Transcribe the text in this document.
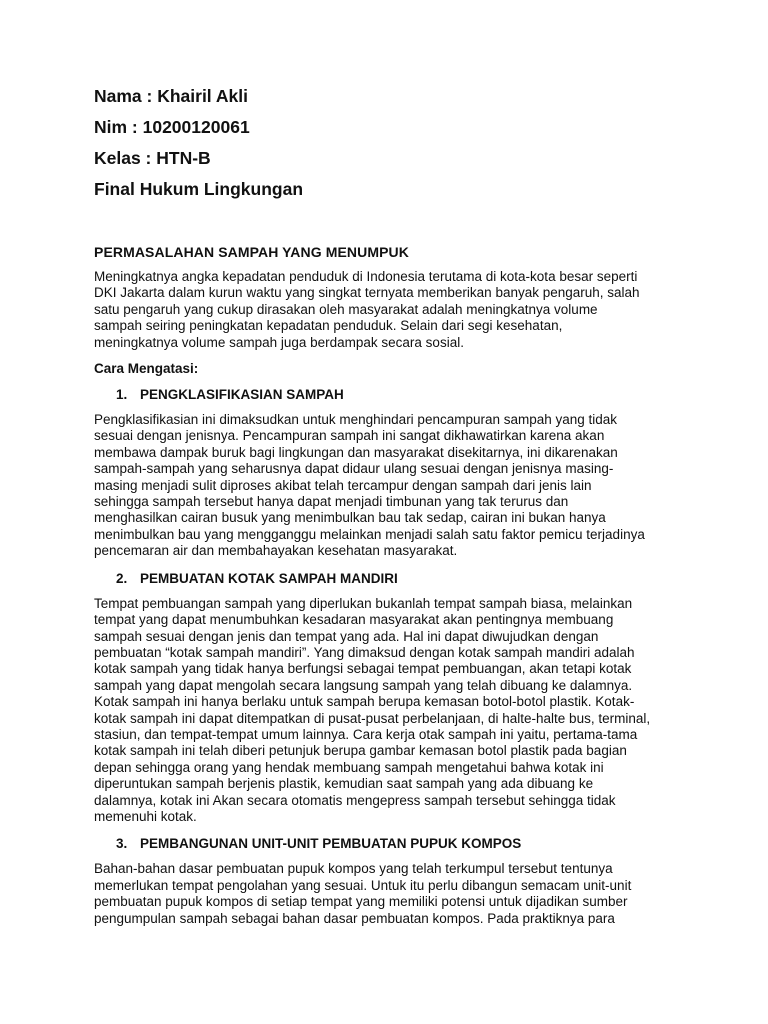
Nama : Khairil Akli
Nim : 10200120061
Kelas : HTN-B
Final Hukum Lingkungan
PERMASALAHAN SAMPAH YANG MENUMPUK
Meningkatnya angka kepadatan penduduk di Indonesia terutama di kota-kota besar seperti
DKI Jakarta dalam kurun waktu yang singkat ternyata memberikan banyak pengaruh, salah
satu pengaruh yang cukup dirasakan oleh masyarakat adalah meningkatnya volume
sampah seiring peningkatan kepadatan penduduk. Selain dari segi kesehatan,
meningkatnya volume sampah juga berdampak secara sosial.
Cara Mengatasi:
1. PENGKLASIFIKASIAN SAMPAH
Pengklasifikasian ini dimaksudkan untuk menghindari pencampuran sampah yang tidak
sesuai dengan jenisnya. Pencampuran sampah ini sangat dikhawatirkan karena akan
membawa dampak buruk bagi lingkungan dan masyarakat disekitarnya, ini dikarenakan
sampah-sampah yang seharusnya dapat didaur ulang sesuai dengan jenisnya masing-
masing menjadi sulit diproses akibat telah tercampur dengan sampah dari jenis lain
sehingga sampah tersebut hanya dapat menjadi timbunan yang tak terurus dan
menghasilkan cairan busuk yang menimbulkan bau tak sedap, cairan ini bukan hanya
menimbulkan bau yang mengganggu melainkan menjadi salah satu faktor pemicu terjadinya
pencemaran air dan membahayakan kesehatan masyarakat.
2. PEMBUATAN KOTAK SAMPAH MANDIRI
Tempat pembuangan sampah yang diperlukan bukanlah tempat sampah biasa, melainkan
tempat yang dapat menumbuhkan kesadaran masyarakat akan pentingnya membuang
sampah sesuai dengan jenis dan tempat yang ada. Hal ini dapat diwujudkan dengan
pembuatan “kotak sampah mandiri”. Yang dimaksud dengan kotak sampah mandiri adalah
kotak sampah yang tidak hanya berfungsi sebagai tempat pembuangan, akan tetapi kotak
sampah yang dapat mengolah secara langsung sampah yang telah dibuang ke dalamnya.
Kotak sampah ini hanya berlaku untuk sampah berupa kemasan botol-botol plastik. Kotak-
kotak sampah ini dapat ditempatkan di pusat-pusat perbelanjaan, di halte-halte bus, terminal,
stasiun, dan tempat-tempat umum lainnya. Cara kerja otak sampah ini yaitu, pertama-tama
kotak sampah ini telah diberi petunjuk berupa gambar kemasan botol plastik pada bagian
depan sehingga orang yang hendak membuang sampah mengetahui bahwa kotak ini
diperuntukan sampah berjenis plastik, kemudian saat sampah yang ada dibuang ke
dalamnya, kotak ini Akan secara otomatis mengepress sampah tersebut sehingga tidak
memenuhi kotak.
3. PEMBANGUNAN UNIT-UNIT PEMBUATAN PUPUK KOMPOS
Bahan-bahan dasar pembuatan pupuk kompos yang telah terkumpul tersebut tentunya
memerlukan tempat pengolahan yang sesuai. Untuk itu perlu dibangun semacam unit-unit
pembuatan pupuk kompos di setiap tempat yang memiliki potensi untuk dijadikan sumber
pengumpulan sampah sebagai bahan dasar pembuatan kompos. Pada praktiknya para
